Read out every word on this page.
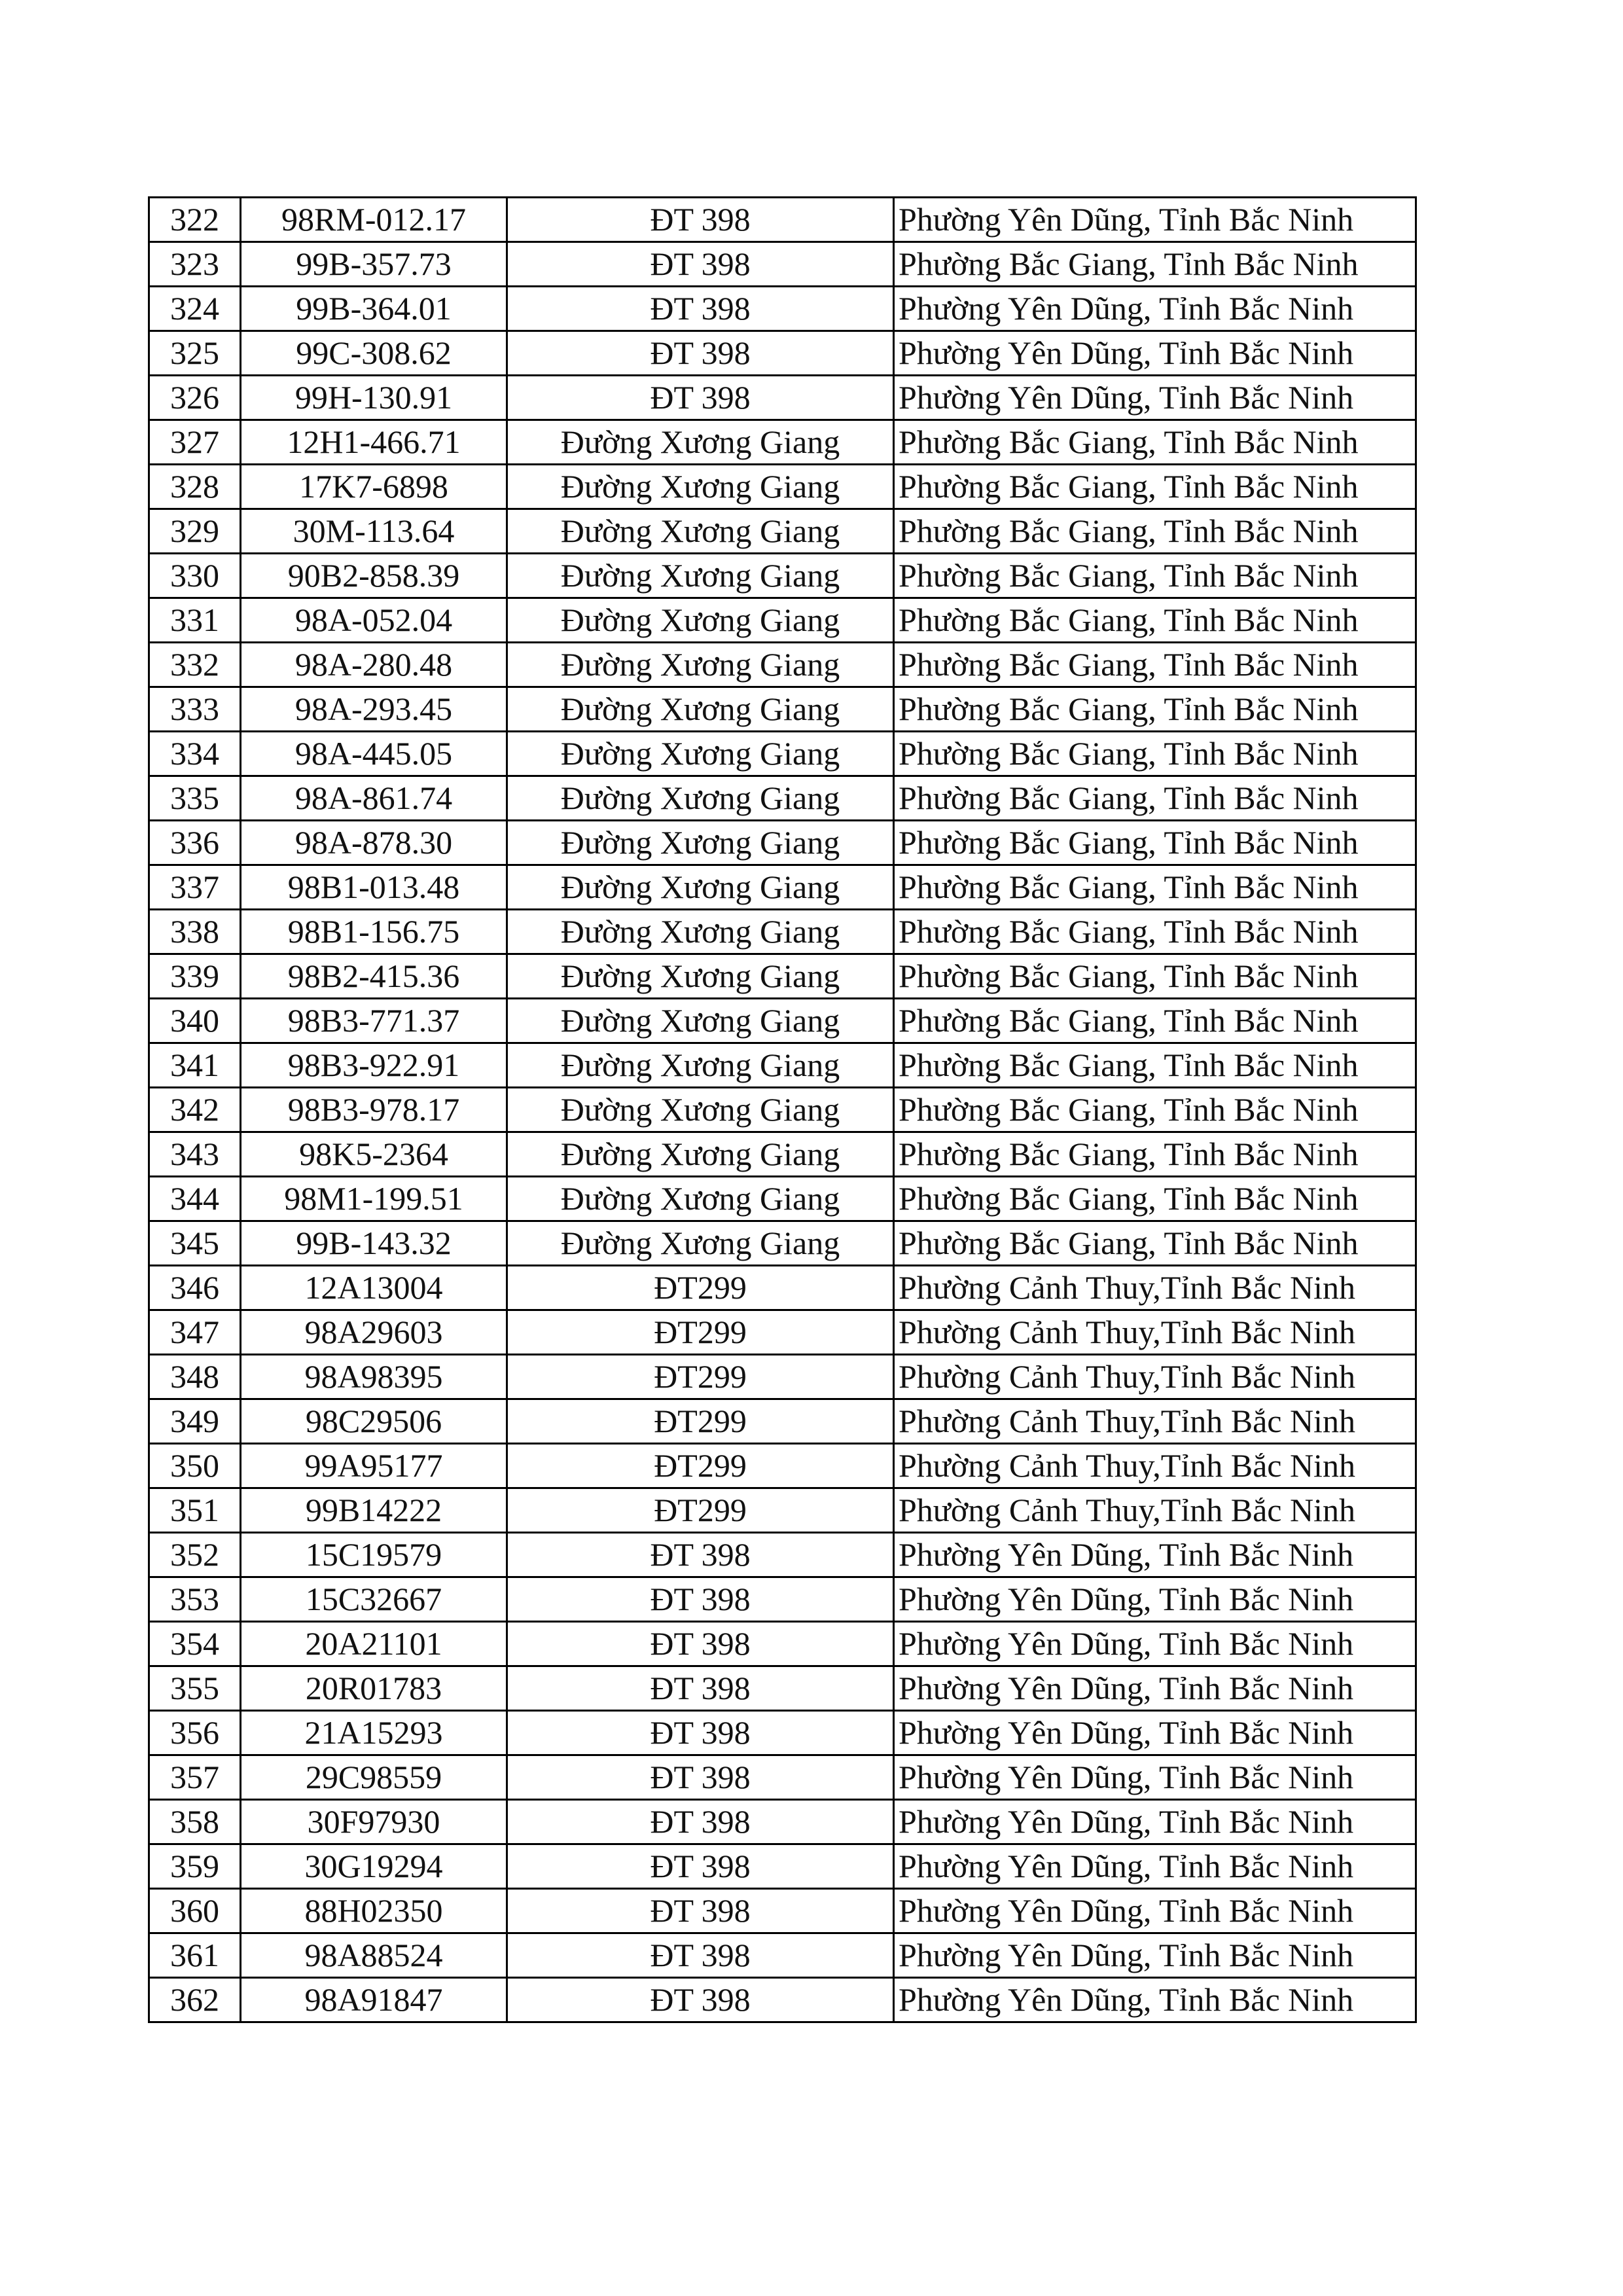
322	98RM-012.17	ĐT 398	Phường Yên Dũng, Tỉnh Bắc Ninh
323	99B-357.73	ĐT 398	Phường Bắc Giang, Tỉnh Bắc Ninh
324	99B-364.01	ĐT 398	Phường Yên Dũng, Tỉnh Bắc Ninh
325	99C-308.62	ĐT 398	Phường Yên Dũng, Tỉnh Bắc Ninh
326	99H-130.91	ĐT 398	Phường Yên Dũng, Tỉnh Bắc Ninh
327	12H1-466.71	Đường Xương Giang	Phường Bắc Giang, Tỉnh Bắc Ninh
328	17K7-6898	Đường Xương Giang	Phường Bắc Giang, Tỉnh Bắc Ninh
329	30M-113.64	Đường Xương Giang	Phường Bắc Giang, Tỉnh Bắc Ninh
330	90B2-858.39	Đường Xương Giang	Phường Bắc Giang, Tỉnh Bắc Ninh
331	98A-052.04	Đường Xương Giang	Phường Bắc Giang, Tỉnh Bắc Ninh
332	98A-280.48	Đường Xương Giang	Phường Bắc Giang, Tỉnh Bắc Ninh
333	98A-293.45	Đường Xương Giang	Phường Bắc Giang, Tỉnh Bắc Ninh
334	98A-445.05	Đường Xương Giang	Phường Bắc Giang, Tỉnh Bắc Ninh
335	98A-861.74	Đường Xương Giang	Phường Bắc Giang, Tỉnh Bắc Ninh
336	98A-878.30	Đường Xương Giang	Phường Bắc Giang, Tỉnh Bắc Ninh
337	98B1-013.48	Đường Xương Giang	Phường Bắc Giang, Tỉnh Bắc Ninh
338	98B1-156.75	Đường Xương Giang	Phường Bắc Giang, Tỉnh Bắc Ninh
339	98B2-415.36	Đường Xương Giang	Phường Bắc Giang, Tỉnh Bắc Ninh
340	98B3-771.37	Đường Xương Giang	Phường Bắc Giang, Tỉnh Bắc Ninh
341	98B3-922.91	Đường Xương Giang	Phường Bắc Giang, Tỉnh Bắc Ninh
342	98B3-978.17	Đường Xương Giang	Phường Bắc Giang, Tỉnh Bắc Ninh
343	98K5-2364	Đường Xương Giang	Phường Bắc Giang, Tỉnh Bắc Ninh
344	98M1-199.51	Đường Xương Giang	Phường Bắc Giang, Tỉnh Bắc Ninh
345	99B-143.32	Đường Xương Giang	Phường Bắc Giang, Tỉnh Bắc Ninh
346	12A13004	ĐT299	Phường Cảnh Thuy,Tỉnh Bắc Ninh
347	98A29603	ĐT299	Phường Cảnh Thuy,Tỉnh Bắc Ninh
348	98A98395	ĐT299	Phường Cảnh Thuy,Tỉnh Bắc Ninh
349	98C29506	ĐT299	Phường Cảnh Thuy,Tỉnh Bắc Ninh
350	99A95177	ĐT299	Phường Cảnh Thuy,Tỉnh Bắc Ninh
351	99B14222	ĐT299	Phường Cảnh Thuy,Tỉnh Bắc Ninh
352	15C19579	ĐT 398	Phường Yên Dũng, Tỉnh Bắc Ninh
353	15C32667	ĐT 398	Phường Yên Dũng, Tỉnh Bắc Ninh
354	20A21101	ĐT 398	Phường Yên Dũng, Tỉnh Bắc Ninh
355	20R01783	ĐT 398	Phường Yên Dũng, Tỉnh Bắc Ninh
356	21A15293	ĐT 398	Phường Yên Dũng, Tỉnh Bắc Ninh
357	29C98559	ĐT 398	Phường Yên Dũng, Tỉnh Bắc Ninh
358	30F97930	ĐT 398	Phường Yên Dũng, Tỉnh Bắc Ninh
359	30G19294	ĐT 398	Phường Yên Dũng, Tỉnh Bắc Ninh
360	88H02350	ĐT 398	Phường Yên Dũng, Tỉnh Bắc Ninh
361	98A88524	ĐT 398	Phường Yên Dũng, Tỉnh Bắc Ninh
362	98A91847	ĐT 398	Phường Yên Dũng, Tỉnh Bắc Ninh
